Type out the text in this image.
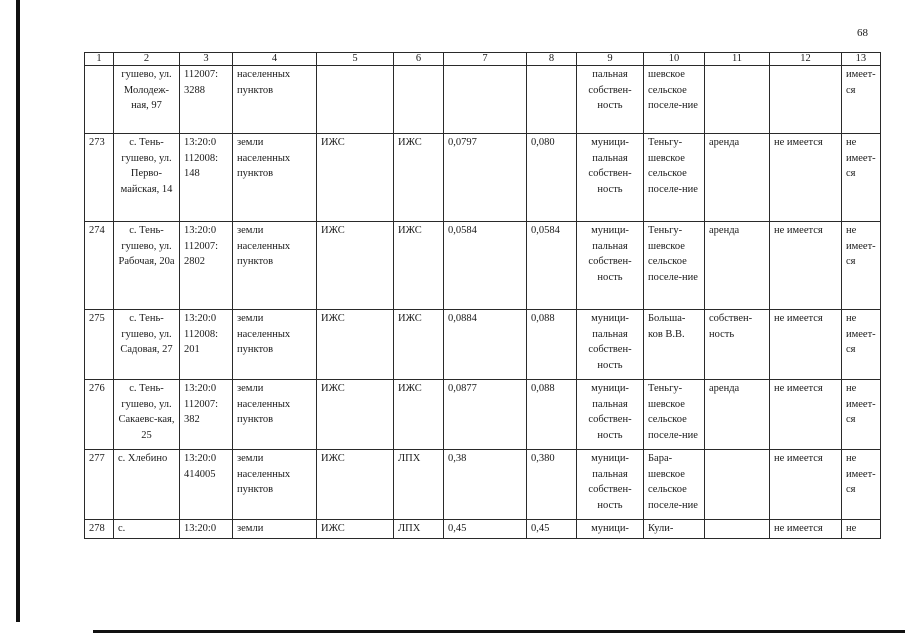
68
1	2	3	4	5	6	7	8	9	10	11	12	13
	гушево, ул. Молодеж-ная, 97	112007: 3288	населенных пунктов					пальная собствен-ность	шевское сельское поселе-ние			имеет-ся
273	с. Тень-гушево, ул. Перво-майская, 14	13:20:0 112008: 148	земли населенных пунктов	ИЖС	ИЖС	0,0797	0,080	муници-пальная собствен-ность	Теньгу-шевское сельское поселе-ние	аренда	не имеется	не имеет-ся
274	с. Тень-гушево, ул. Рабочая, 20а	13:20:0 112007: 2802	земли населенных пунктов	ИЖС	ИЖС	0,0584	0,0584	муници-пальная собствен-ность	Теньгу-шевское сельское поселе-ние	аренда	не имеется	не имеет-ся
275	с. Тень-гушево, ул. Садовая, 27	13:20:0 112008: 201	земли населенных пунктов	ИЖС	ИЖС	0,0884	0,088	муници-пальная собствен-ность	Больша-ков В.В.	собствен-ность	не имеется	не имеет-ся
276	с. Тень-гушево, ул. Сакаевс-кая, 25	13:20:0 112007: 382	земли населенных пунктов	ИЖС	ИЖС	0,0877	0,088	муници-пальная собствен-ность	Теньгу-шевское сельское поселе-ние	аренда	не имеется	не имеет-ся
277	с. Хлебино	13:20:0 414005	земли населенных пунктов	ИЖС	ЛПХ	0,38	0,380	муници-пальная собствен-ность	Бара-шевское сельское поселе-ние		не имеется	не имеет-ся
278	с.	13:20:0	земли	ИЖС	ЛПХ	0,45	0,45	муници-	Кули-		не имеется	не
